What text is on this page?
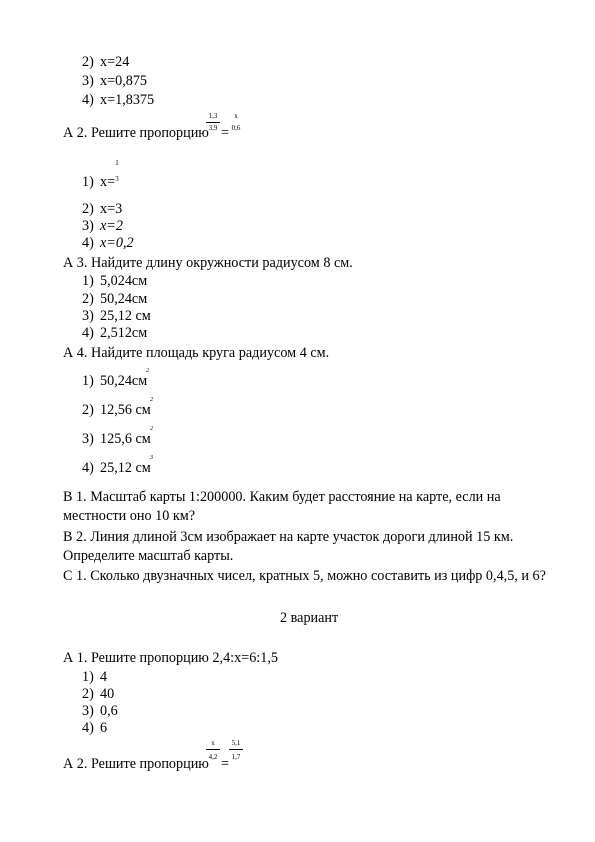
2) x=24
3) x=0,875
4) x=1,8375
А 2. Решите пропорцию
1,3
3,9 =
x
0,6
1) x=
1
3
2) x=3
3) x=2
4) x=0,2
А 3. Найдите длину окружности радиусом 8 см.
1) 5,024см
2) 50,24см
3) 25,12 см
4) 2,512см
А 4. Найдите площадь круга радиусом 4 см.
1) 50,24см
2
2) 12,56 см
2
3) 125,6 см
2
4) 25,12 см
3
В 1. Масштаб карты 1:200000. Каким будет расстояние на карте, если на
местности оно 10 км?
В 2. Линия длиной 3см изображает на карте участок дороги длиной 15 км.
Определите масштаб карты.
С 1. Сколько двузначных чисел, кратных 5, можно составить из цифр 0,4,5, и 6?
2 вариант
А 1. Решите пропорцию 2,4:x=6:1,5
1) 4
2) 40
3) 0,6
4) 6
А 2. Решите пропорцию
x
4,2 =
5,1
1,7
